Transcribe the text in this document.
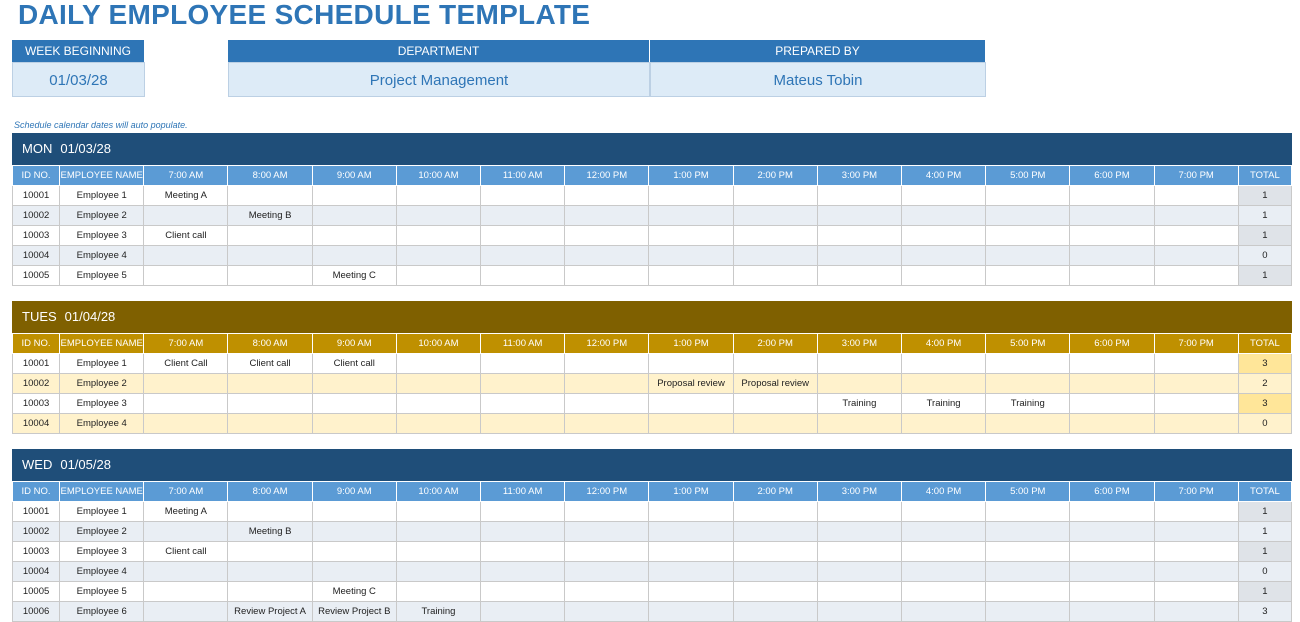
DAILY EMPLOYEE SCHEDULE TEMPLATE
WEEK BEGINNING
01/03/28
DEPARTMENT
Project Management
PREPARED BY
Mateus Tobin
Schedule calendar dates will auto populate.
MON 01/03/28
ID NO.	EMPLOYEE NAME	7:00 AM	8:00 AM	9:00 AM	10:00 AM	11:00 AM	12:00 PM	1:00 PM	2:00 PM	3:00 PM	4:00 PM	5:00 PM	6:00 PM	7:00 PM	TOTAL
10001	Employee 1	Meeting A													1
10002	Employee 2		Meeting B												1
10003	Employee 3	Client call													1
10004	Employee 4														0
10005	Employee 5			Meeting C											1
TUES 01/04/28
ID NO.	EMPLOYEE NAME	7:00 AM	8:00 AM	9:00 AM	10:00 AM	11:00 AM	12:00 PM	1:00 PM	2:00 PM	3:00 PM	4:00 PM	5:00 PM	6:00 PM	7:00 PM	TOTAL
10001	Employee 1	Client Call	Client call	Client call											3
10002	Employee 2							Proposal review	Proposal review						2
10003	Employee 3									Training	Training	Training			3
10004	Employee 4														0
WED 01/05/28
ID NO.	EMPLOYEE NAME	7:00 AM	8:00 AM	9:00 AM	10:00 AM	11:00 AM	12:00 PM	1:00 PM	2:00 PM	3:00 PM	4:00 PM	5:00 PM	6:00 PM	7:00 PM	TOTAL
10001	Employee 1	Meeting A													1
10002	Employee 2		Meeting B												1
10003	Employee 3	Client call													1
10004	Employee 4														0
10005	Employee 5			Meeting C											1
10006	Employee 6		Review Project A	Review Project B	Training										3
